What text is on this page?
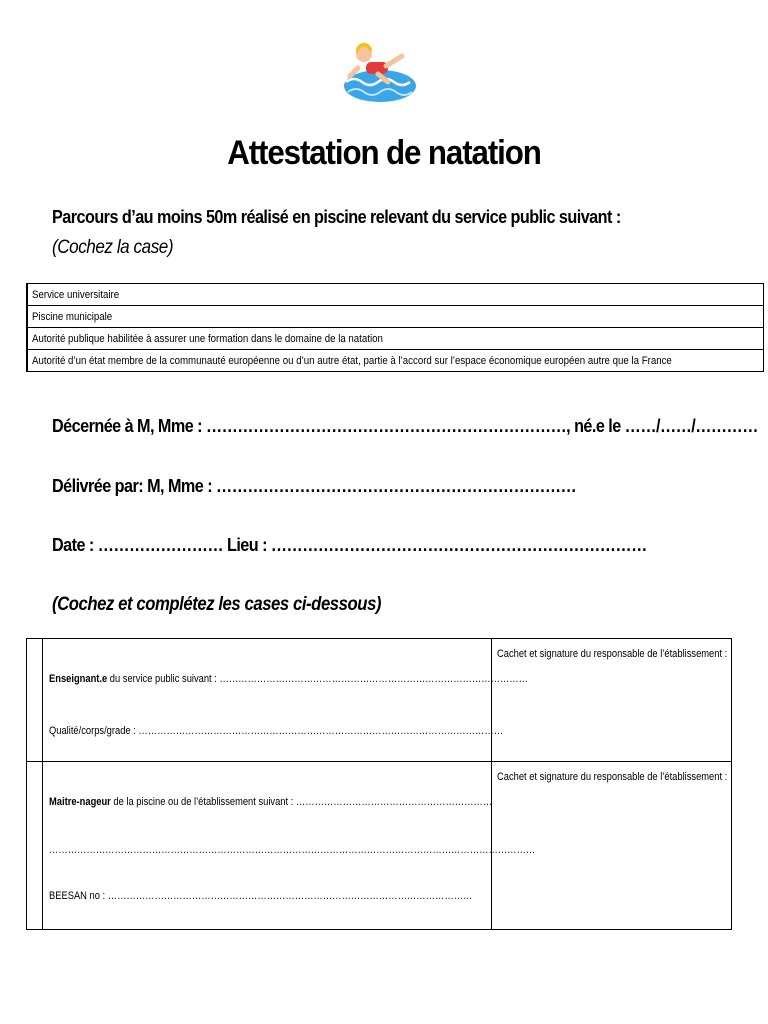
Attestation de natation
Parcours d’au moins 50m réalisé en piscine relevant du service public suivant :
(Cochez la case)
	Service universitaire
	Piscine municipale
	Autorité publique habilitée à assurer une formation dans le domaine de la natation
	Autorité d’un état membre de la communauté européenne ou d’un autre état, partie à l’accord sur l’espace économique européen autre que la France
Décernée à M, Mme : ……………………………………………………………, né.e le ……/……/…………
Délivrée par: M, Mme : ……………………………………………………………
Date : …………………… Lieu : ………………………………………………………………
(Cochez et complétez les cases ci-dessous)

	Enseignant.e du service public suivant : ………………………………………………………………………………………
Qualité/corps/grade : ………………………………………………………………………………………………………	Cachet et signature du responsable de l’établissement :

	Maitre-nageur de la piscine ou de l’établissement suivant : ………………………………………………………
…………………………………………………………………………………………………………………………………………
BEESAN no : ………………………………………………………………………………………………………	Cachet et signature du responsable de l’établissement :
